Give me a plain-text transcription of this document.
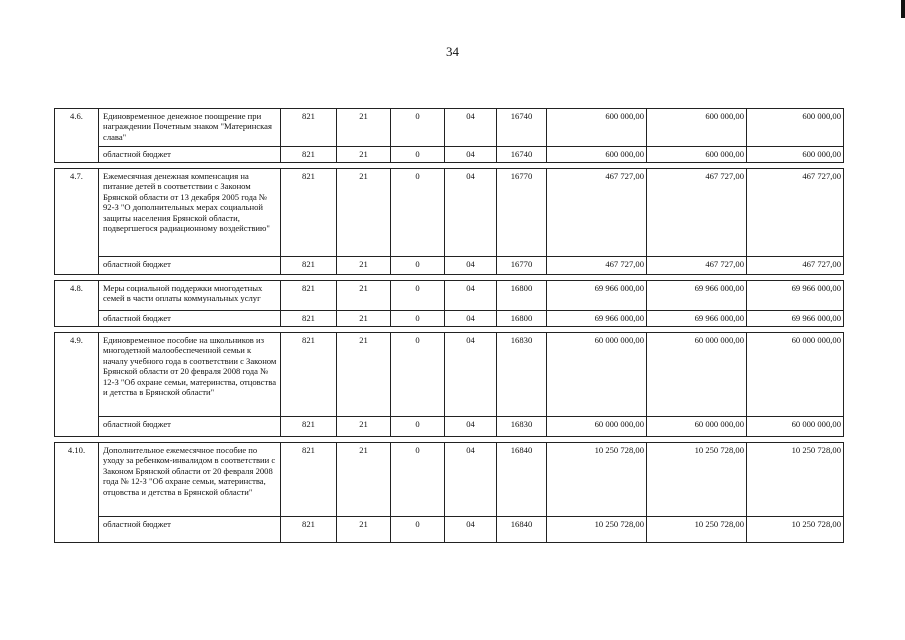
34
4.6.	Единовременное денежное поощрение при награждении Почетным знаком "Материнская слава"	821	21	0	04	16740	600 000,00	600 000,00	600 000,00
	областной бюджет	821	21	0	04	16740	600 000,00	600 000,00	600 000,00

4.7.	Ежемесячная денежная компенсация на питание детей в соответствии с Законом Брянской области от 13 декабря 2005 года № 92-З "О дополнительных мерах социальной защиты населения Брянской области, подвергшегося радиационному воздействию"	821	21	0	04	16770	467 727,00	467 727,00	467 727,00
	областной бюджет	821	21	0	04	16770	467 727,00	467 727,00	467 727,00

4.8.	Меры социальной поддержки многодетных семей в части оплаты коммунальных услуг	821	21	0	04	16800	69 966 000,00	69 966 000,00	69 966 000,00
	областной бюджет	821	21	0	04	16800	69 966 000,00	69 966 000,00	69 966 000,00

4.9.	Единовременное пособие на школьников из многодетной малообеспеченной семьи к началу учебного года в соответствии с Законом Брянской области от 20 февраля 2008 года № 12-З "Об охране семьи, материнства, отцовства и детства в Брянской области"	821	21	0	04	16830	60 000 000,00	60 000 000,00	60 000 000,00
	областной бюджет	821	21	0	04	16830	60 000 000,00	60 000 000,00	60 000 000,00

4.10.	Дополнительное ежемесячное пособие по уходу за ребенком-инвалидом в соответствии с Законом Брянской области от 20 февраля 2008 года № 12-З "Об охране семьи, материнства, отцовства и детства в Брянской области"	821	21	0	04	16840	10 250 728,00	10 250 728,00	10 250 728,00
	областной бюджет	821	21	0	04	16840	10 250 728,00	10 250 728,00	10 250 728,00
